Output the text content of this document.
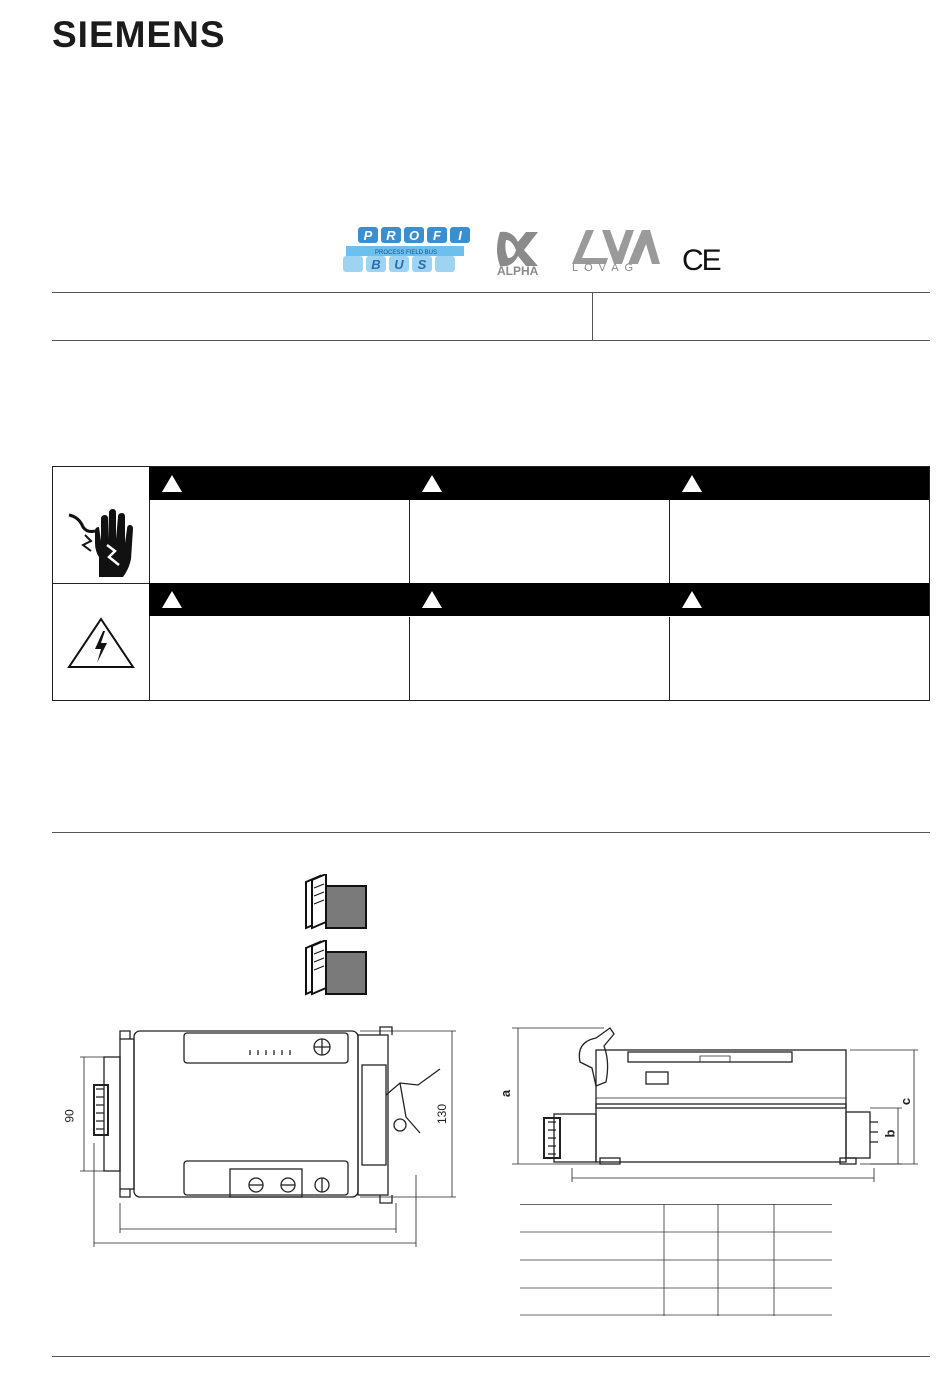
SIEMENS
P R O F I
B U S
PROCESS FIELD BUS
ALPHA	LOVAG CE
90	130
a
c
b
